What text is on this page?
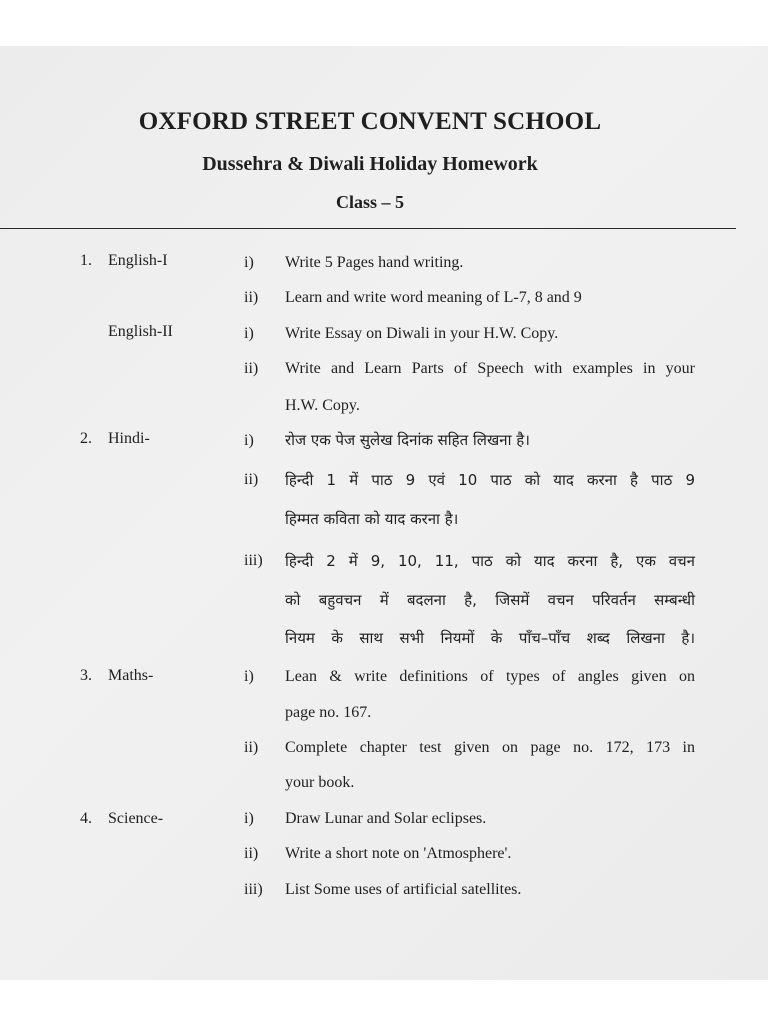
OXFORD STREET CONVENT SCHOOL
Dussehra & Diwali Holiday Homework
Class – 5
1. English-I	i) Write 5 Pages hand writing.
ii) Learn and write word meaning of L-7, 8 and 9
English-II	i) Write Essay on Diwali in your H.W. Copy.
ii) Write and Learn Parts of Speech with examples in your
H.W. Copy.
2. Hindi-	i) रोज एक पेज सुलेख दिनांक सहित लिखना है।
ii) हिन्दी 1 में पाठ 9 एवं 10 पाठ को याद करना है पाठ 9
हिम्मत कविता को याद करना है।
iii) हिन्दी 2 में 9, 10, 11, पाठ को याद करना है, एक वचन
को बहुवचन में बदलना है, जिसमें वचन परिवर्तन सम्बन्धी
नियम के साथ सभी नियमों के पाँच–पाँच शब्द लिखना है।
3. Maths-	i) Lean & write definitions of types of angles given on
page no. 167.
ii) Complete chapter test given on page no. 172, 173 in
your book.
4. Science-	i) Draw Lunar and Solar eclipses.
ii) Write a short note on 'Atmosphere'.
iii) List Some uses of artificial satellites.
